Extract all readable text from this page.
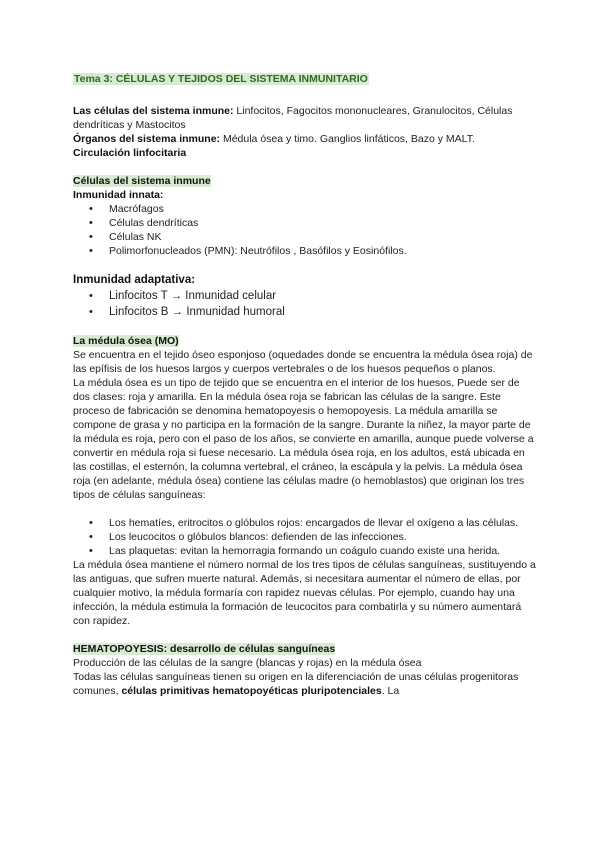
Tema 3: CÉLULAS Y TEJIDOS DEL SISTEMA INMUNITARIO

Las células del sistema inmune: Linfocitos, Fagocitos mononucleares, Granulocitos, Células dendríticas y Mastocitos

Órganos del sistema inmune: Médula ósea y timo. Ganglios linfáticos, Bazo y MALT.

Circulación linfocitaria

Células del sistema inmune

Inmunidad innata:

• Macrófagos
• Células dendríticas
• Células NK
• Polimorfonucleados (PMN): Neutrófilos , Basófilos y Eosinófilos.

Inmunidad adaptativa:

• Linfocitos T → Inmunidad celular
• Linfocitos B → Inmunidad humoral

La médula ósea (MO)

Se encuentra en el tejido óseo esponjoso (oquedades donde se encuentra la médula ósea roja) de las epífisis de los huesos largos y cuerpos vertebrales o de los huesos pequeños o planos.

La médula ósea es un tipo de tejido que se encuentra en el interior de los huesos, Puede ser de dos clases: roja y amarilla. En la médula ósea roja se fabrican las células de la sangre. Este proceso de fabricación se denomina hematopoyesis o hemopoyesis. La médula amarilla se compone de grasa y no participa en la formación de la sangre. Durante la niñez, la mayor parte de la médula es roja, pero con el paso de los años, se convierte en amarilla, aunque puede volverse a convertir en médula roja si fuese necesario. La médula ósea roja, en los adultos, está ubicada en las costillas, el esternón, la columna vertebral, el cráneo, la escápula y la pelvis. La médula ósea roja (en adelante, médula ósea) contiene las células madre (o hemoblastos) que originan los tres tipos de células sanguíneas:

• Los hematíes, eritrocitos o glóbulos rojos: encargados de llevar el oxígeno a las células.
• Los leucocitos o glóbulos blancos: defienden de las infecciones.
• Las plaquetas: evitan la hemorragia formando un coágulo cuando existe una herida.

La médula ósea mantiene el número normal de los tres tipos de células sanguíneas, sustituyendo a las antiguas, que sufren muerte natural. Además, si necesitara aumentar el número de ellas, por cualquier motivo, la médula formaría con rapidez nuevas células. Por ejemplo, cuando hay una infección, la médula estimula la formación de leucocitos para combatirla y su número aumentará con rapidez.

HEMATOPOYESIS: desarrollo de células sanguíneas

Producción de las células de la sangre (blancas y rojas) en la médula ósea

Todas las células sanguíneas tienen su origen en la diferenciación de unas células progenitoras comunes, células primitivas hematopoyéticas pluripotenciales. La
